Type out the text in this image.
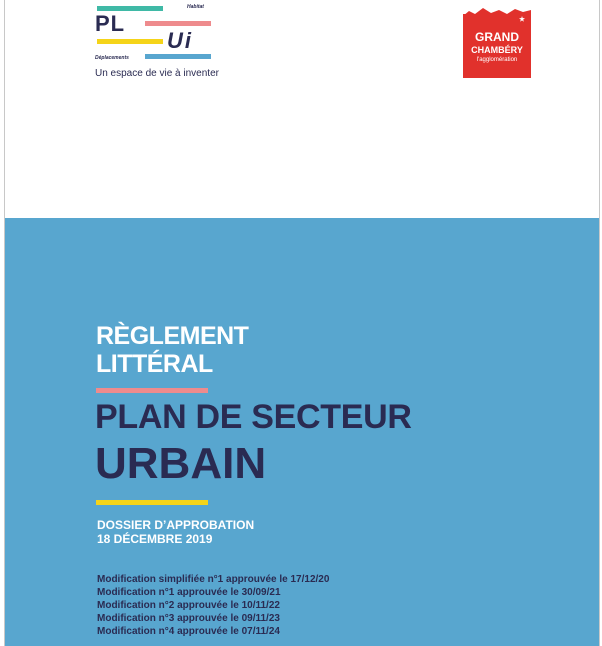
Habitat
PL
Ui
Déplacements
Un espace de vie à inventer
GRAND
CHAMBÉRY
l'agglomération
RÈGLEMENT
LITTÉRAL
PLAN DE SECTEUR
URBAIN
DOSSIER D’APPROBATION
18 DÉCEMBRE 2019
Modification simplifiée n°1 approuvée le 17/12/20
Modification n°1 approuvée le 30/09/21
Modification n°2 approuvée le 10/11/22
Modification n°3 approuvée le 09/11/23
Modification n°4 approuvée le 07/11/24
